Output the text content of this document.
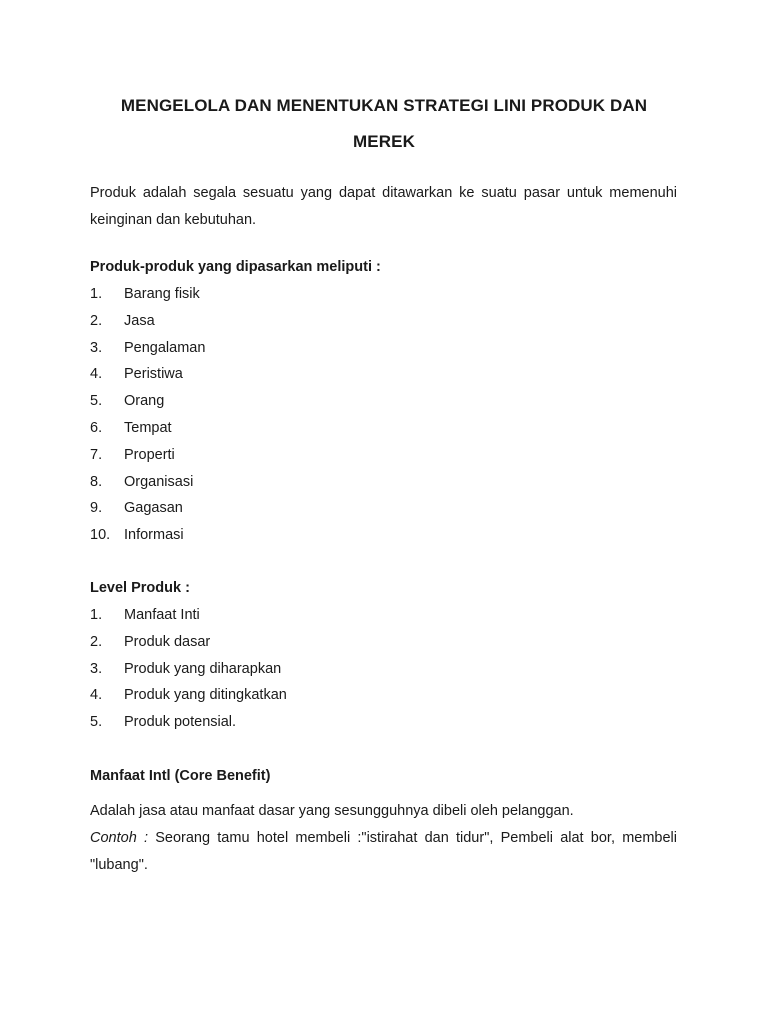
MENGELOLA DAN MENENTUKAN STRATEGI LINI PRODUK DAN MEREK

Produk adalah segala sesuatu yang dapat ditawarkan ke suatu pasar untuk memenuhi keinginan dan kebutuhan.

Produk-produk yang dipasarkan meliputi :

1. Barang fisik
2. Jasa
3. Pengalaman
4. Peristiwa
5. Orang
6. Tempat
7. Properti
8. Organisasi
9. Gagasan
10. Informasi

Level Produk :

1. Manfaat Inti
2. Produk dasar
3. Produk yang diharapkan
4. Produk yang ditingkatkan
5. Produk potensial.

Manfaat Intl (Core Benefit)

Adalah jasa atau manfaat dasar yang sesungguhnya dibeli oleh pelanggan.

Contoh : Seorang tamu hotel membeli :"istirahat dan tidur", Pembeli alat bor, membeli "lubang".
